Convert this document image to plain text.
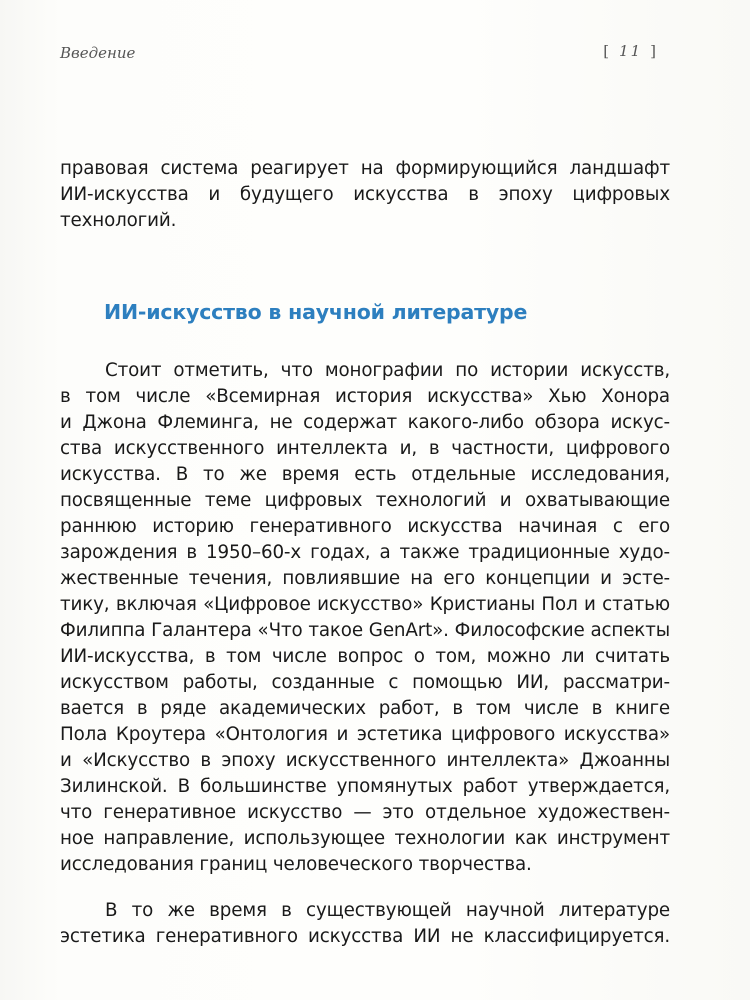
Введение	[ 11 ]
правовая система реагирует на формирующийся ландшафт
ИИ-искусства и будущего искусства в эпоху цифровых
технологий.
ИИ-искусство в научной литературе
Стоит отметить, что монографии по истории искусств,
в том числе «Всемирная история искусства» Хью Хонора
и Джона Флеминга, не содержат какого-либо обзора искус-
ства искусственного интеллекта и, в частности, цифрового
искусства. В то же время есть отдельные исследования,
посвященные теме цифровых технологий и охватывающие
раннюю историю генеративного искусства начиная с его
зарождения в 1950–60-х годах, а также традиционные худо-
жественные течения, повлиявшие на его концепции и эсте-
тику, включая «Цифровое искусство» Кристианы Пол и статью
Филиппа Галантера «Что такое GenArt». Философские аспекты
ИИ-искусства, в том числе вопрос о том, можно ли считать
искусством работы, созданные с помощью ИИ, рассматри-
вается в ряде академических работ, в том числе в книге
Пола Кроутера «Онтология и эстетика цифрового искусства»
и «Искусство в эпоху искусственного интеллекта» Джоанны
Зилинской. В большинстве упомянутых работ утверждается,
что генеративное искусство — это отдельное художествен-
ное направление, использующее технологии как инструмент
исследования границ человеческого творчества.
В то же время в существующей научной литературе
эстетика генеративного искусства ИИ не классифицируется.
